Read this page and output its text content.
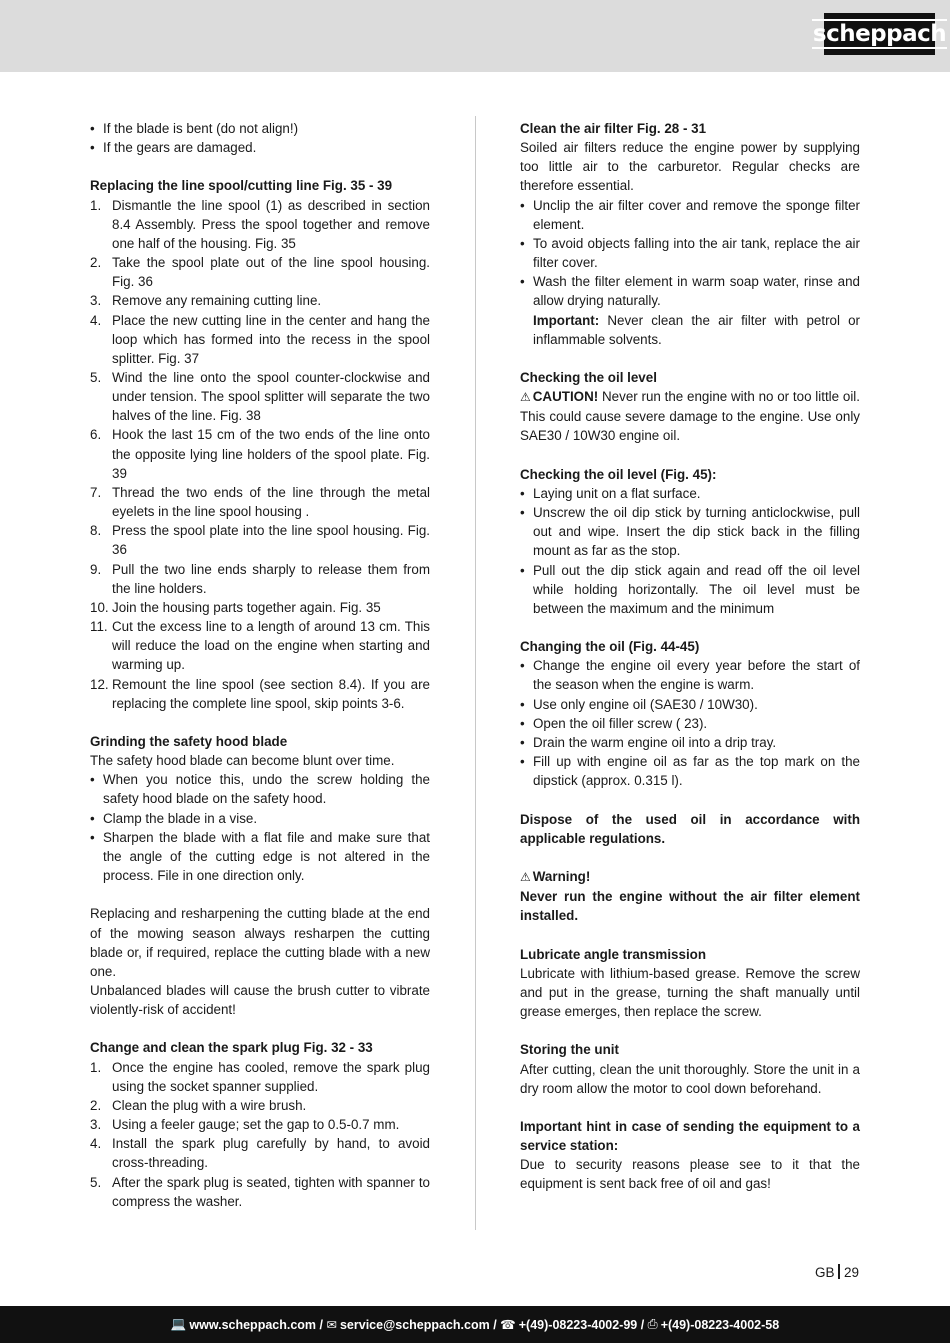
scheppach
• If the blade is bent (do not align!)
• If the gears are damaged.
Replacing the line spool/cutting line Fig. 35 - 39
1. Dismantle the line spool (1) as described in section 8.4 Assembly. Press the spool together and remove one half of the housing. Fig. 35
2. Take the spool plate out of the line spool housing. Fig. 36
3. Remove any remaining cutting line.
4. Place the new cutting line in the center and hang the loop which has formed into the recess in the spool splitter. Fig. 37
5. Wind the line onto the spool counter-clockwise and under tension. The spool splitter will separate the two halves of the line. Fig. 38
6. Hook the last 15 cm of the two ends of the line onto the opposite lying line holders of the spool plate. Fig. 39
7. Thread the two ends of the line through the metal eyelets in the line spool housing .
8. Press the spool plate into the line spool housing. Fig. 36
9. Pull the two line ends sharply to release them from the line holders.
10. Join the housing parts together again. Fig. 35
11. Cut the excess line to a length of around 13 cm. This will reduce the load on the engine when starting and warming up.
12. Remount the line spool (see section 8.4). If you are replacing the complete line spool, skip points 3-6.
Grinding the safety hood blade
The safety hood blade can become blunt over time.
• When you notice this, undo the screw holding the safety hood blade on the safety hood.
• Clamp the blade in a vise.
• Sharpen the blade with a flat file and make sure that the angle of the cutting edge is not altered in the process. File in one direction only.
Replacing and resharpening the cutting blade at the end of the mowing season always resharpen the cutting blade or, if required, replace the cutting blade with a new one.
Unbalanced blades will cause the brush cutter to vibrate violently-risk of accident!
Change and clean the spark plug Fig. 32 - 33
1. Once the engine has cooled, remove the spark plug using the socket spanner supplied.
2. Clean the plug with a wire brush.
3. Using a feeler gauge; set the gap to 0.5-0.7 mm.
4. Install the spark plug carefully by hand, to avoid cross-threading.
5. After the spark plug is seated, tighten with spanner to compress the washer.
Clean the air filter Fig. 28 - 31
Soiled air filters reduce the engine power by supplying too little air to the carburetor. Regular checks are therefore essential.
• Unclip the air filter cover and remove the sponge filter element.
• To avoid objects falling into the air tank, replace the air filter cover.
• Wash the filter element in warm soap water, rinse and allow drying naturally.
Important: Never clean the air filter with petrol or inflammable solvents.
Checking the oil level
⚠ CAUTION! Never run the engine with no or too little oil. This could cause severe damage to the engine. Use only SAE30 / 10W30 engine oil.
Checking the oil level (Fig. 45):
• Laying unit on a flat surface.
• Unscrew the oil dip stick by turning anticlockwise, pull out and wipe. Insert the dip stick back in the filling mount as far as the stop.
• Pull out the dip stick again and read off the oil level while holding horizontally. The oil level must be between the maximum and the minimum
Changing the oil (Fig. 44-45)
• Change the engine oil every year before the start of the season when the engine is warm.
• Use only engine oil (SAE30 / 10W30).
• Open the oil filler screw ( 23).
• Drain the warm engine oil into a drip tray.
• Fill up with engine oil as far as the top mark on the dipstick (approx. 0.315 l).
Dispose of the used oil in accordance with applicable regulations.
⚠ Warning!
Never run the engine without the air filter element installed.
Lubricate angle transmission
Lubricate with lithium-based grease. Remove the screw and put in the grease, turning the shaft manually until grease emerges, then replace the screw.
Storing the unit
After cutting, clean the unit thoroughly. Store the unit in a dry room allow the motor to cool down beforehand.
Important hint in case of sending the equipment to a service station:
Due to security reasons please see to it that the equipment is sent back free of oil and gas!
GB 29
💻 www.scheppach.com /
✉ service@scheppach.com /
☎ +(49)-08223-4002-99 /
⎙ +(49)-08223-4002-58
